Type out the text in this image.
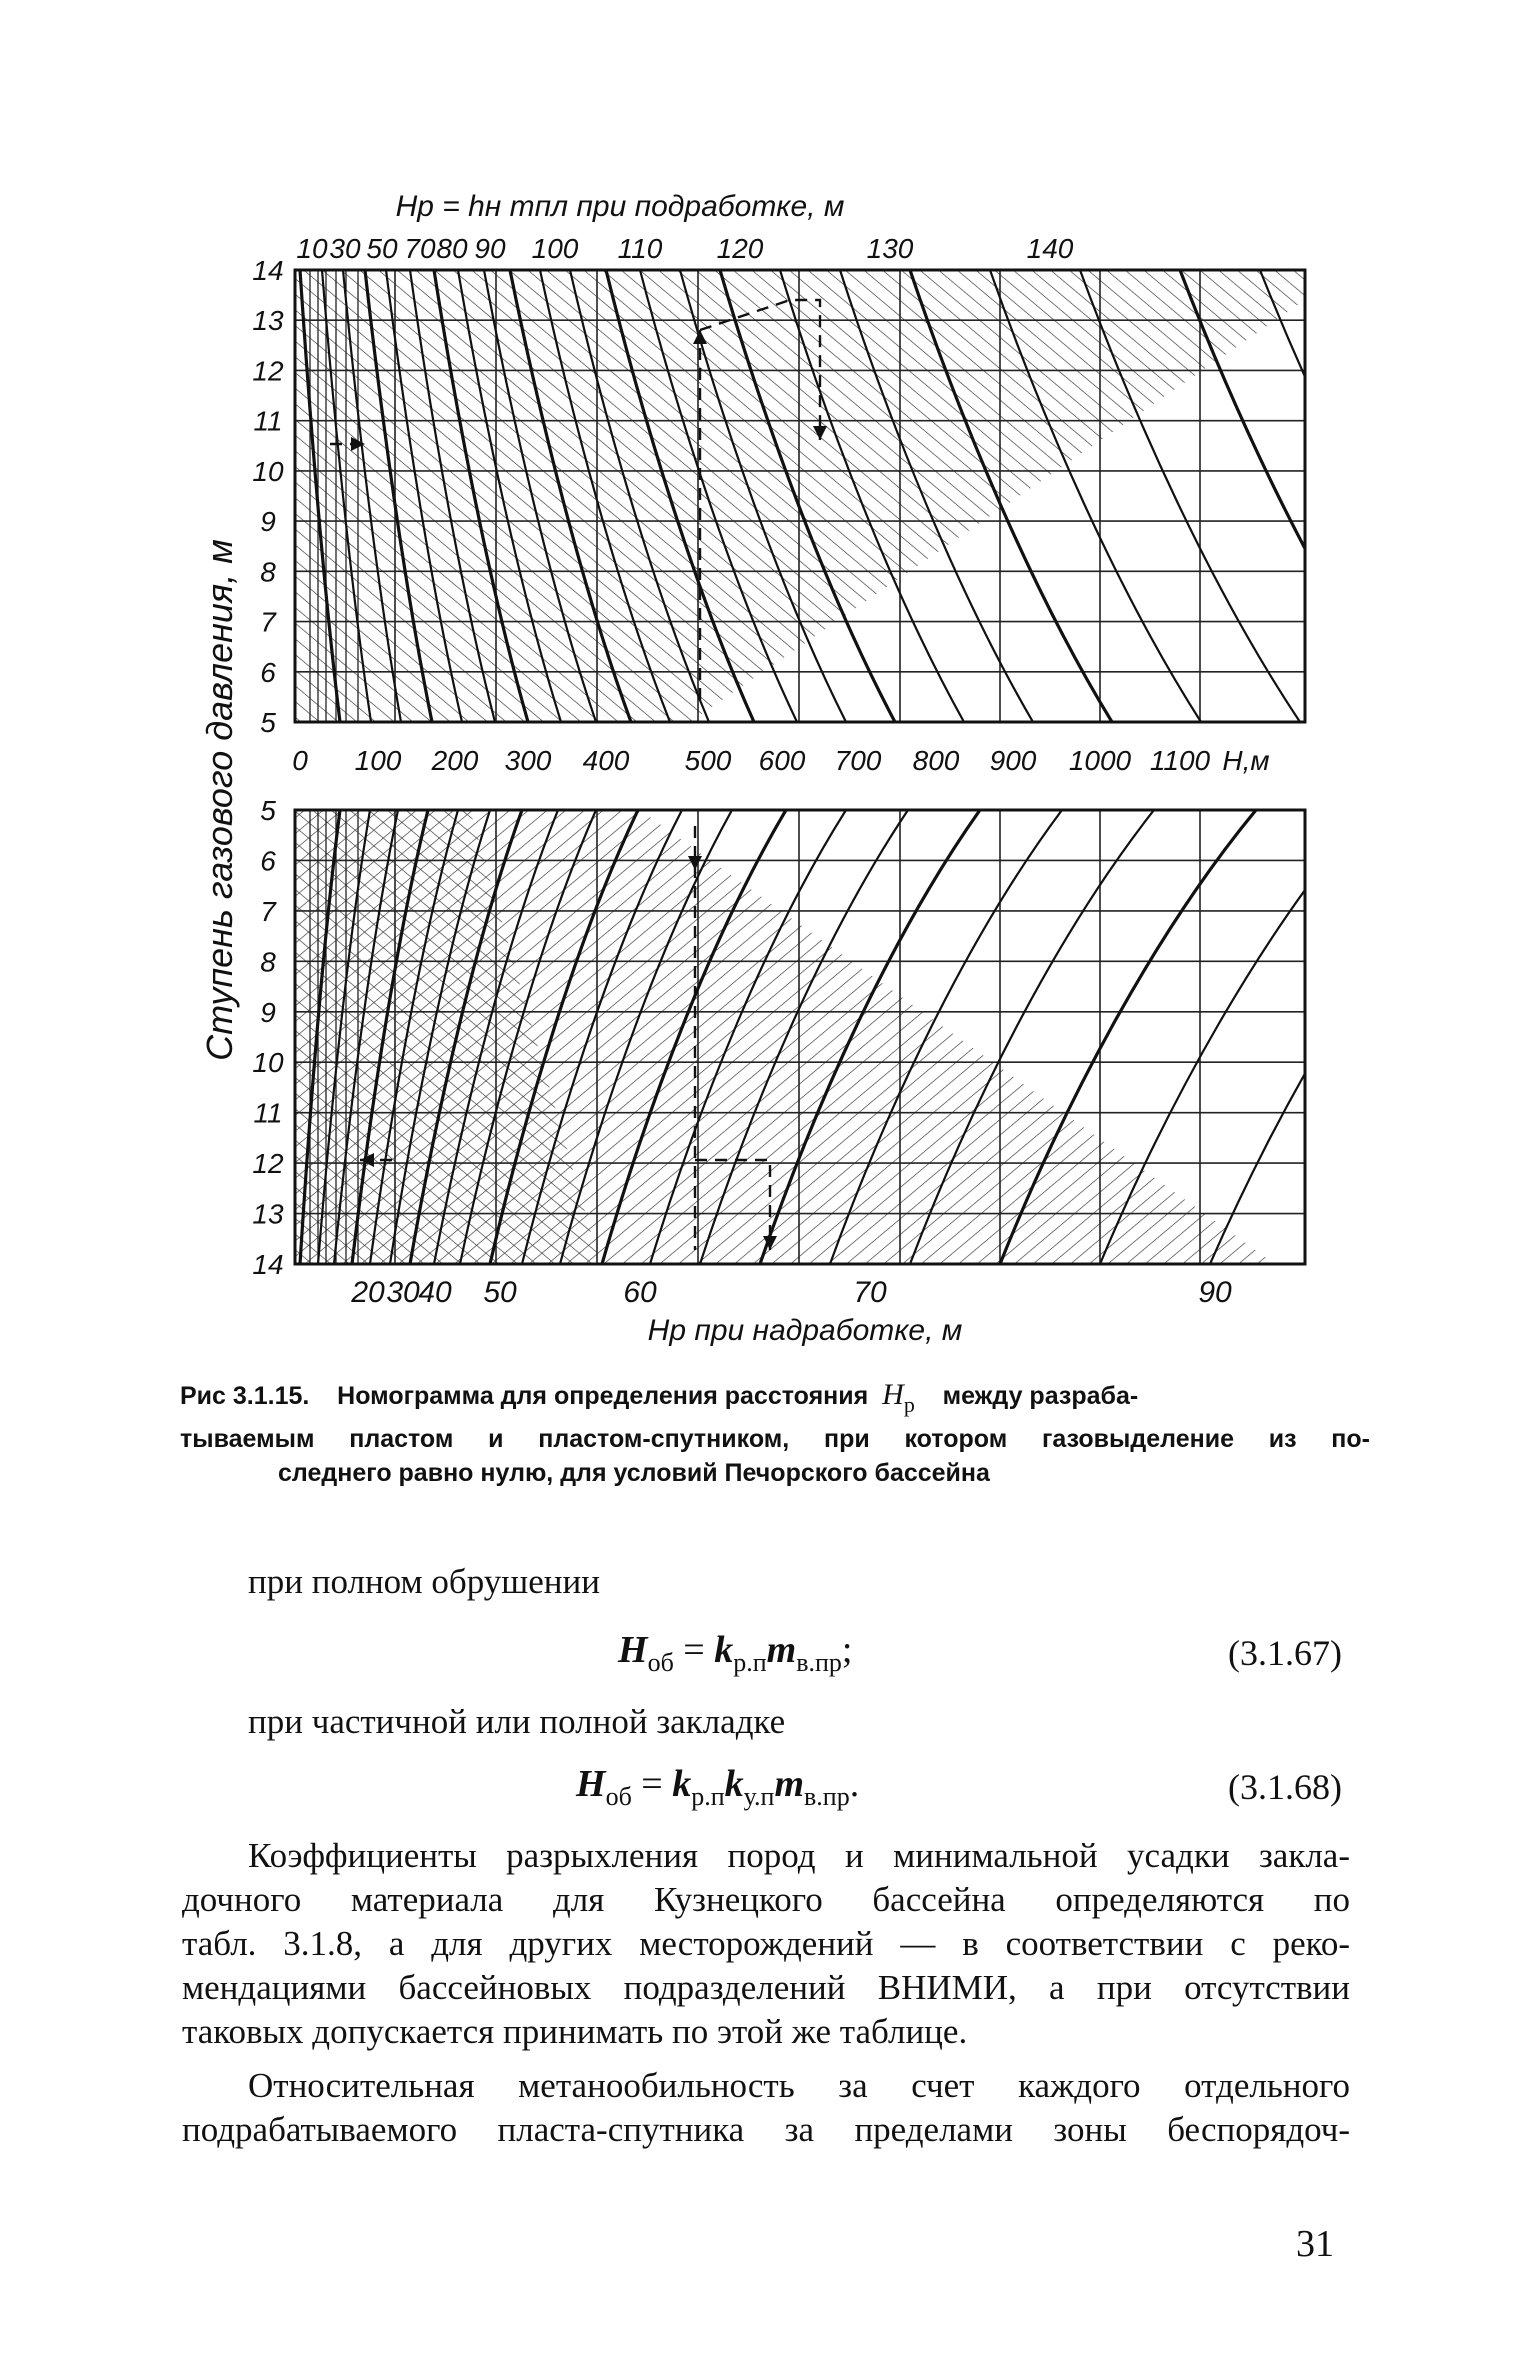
Hр = hн mпл при подработке, м
10 30 50 70 80 90 100 110 120	130	140
0 100 200 300 400 500 600 700 800 900 1000 1100 H,м
20 30
40 50	60	70	90
Hр при надработке, м
14
13
12
11
10
9
8
7
6
5
5
6
7
8
9
10
11
12
13
14
Ступень газового давления, м
Рис 3.1.15. Номограмма для определения расстояния Hр между разраба-
тываемым пластом и пластом-спутником, при котором газовыделение из по-
следнего равно нулю, для условий Печорского бассейна
при полном обрушении
$H_{об} = k_{р.п}m_{в.пр}$;	(3.1.67)
при частичной или полной закладке
$H_{об} = k_{р.п}k_{у.п}m_{в.пр}$.	(3.1.68)
Коэффициенты разрыхления пород и минимальной усадки закла-
дочного материала для Кузнецкого бассейна определяются по
табл. 3.1.8, а для других месторождений — в соответствии с реко-
мендациями бассейновых подразделений ВНИМИ, а при отсутствии
таковых допускается принимать по этой же таблице.
Относительная метанообильность за счет каждого отдельного
подрабатываемого пласта-спутника за пределами зоны беспорядоч-
31
